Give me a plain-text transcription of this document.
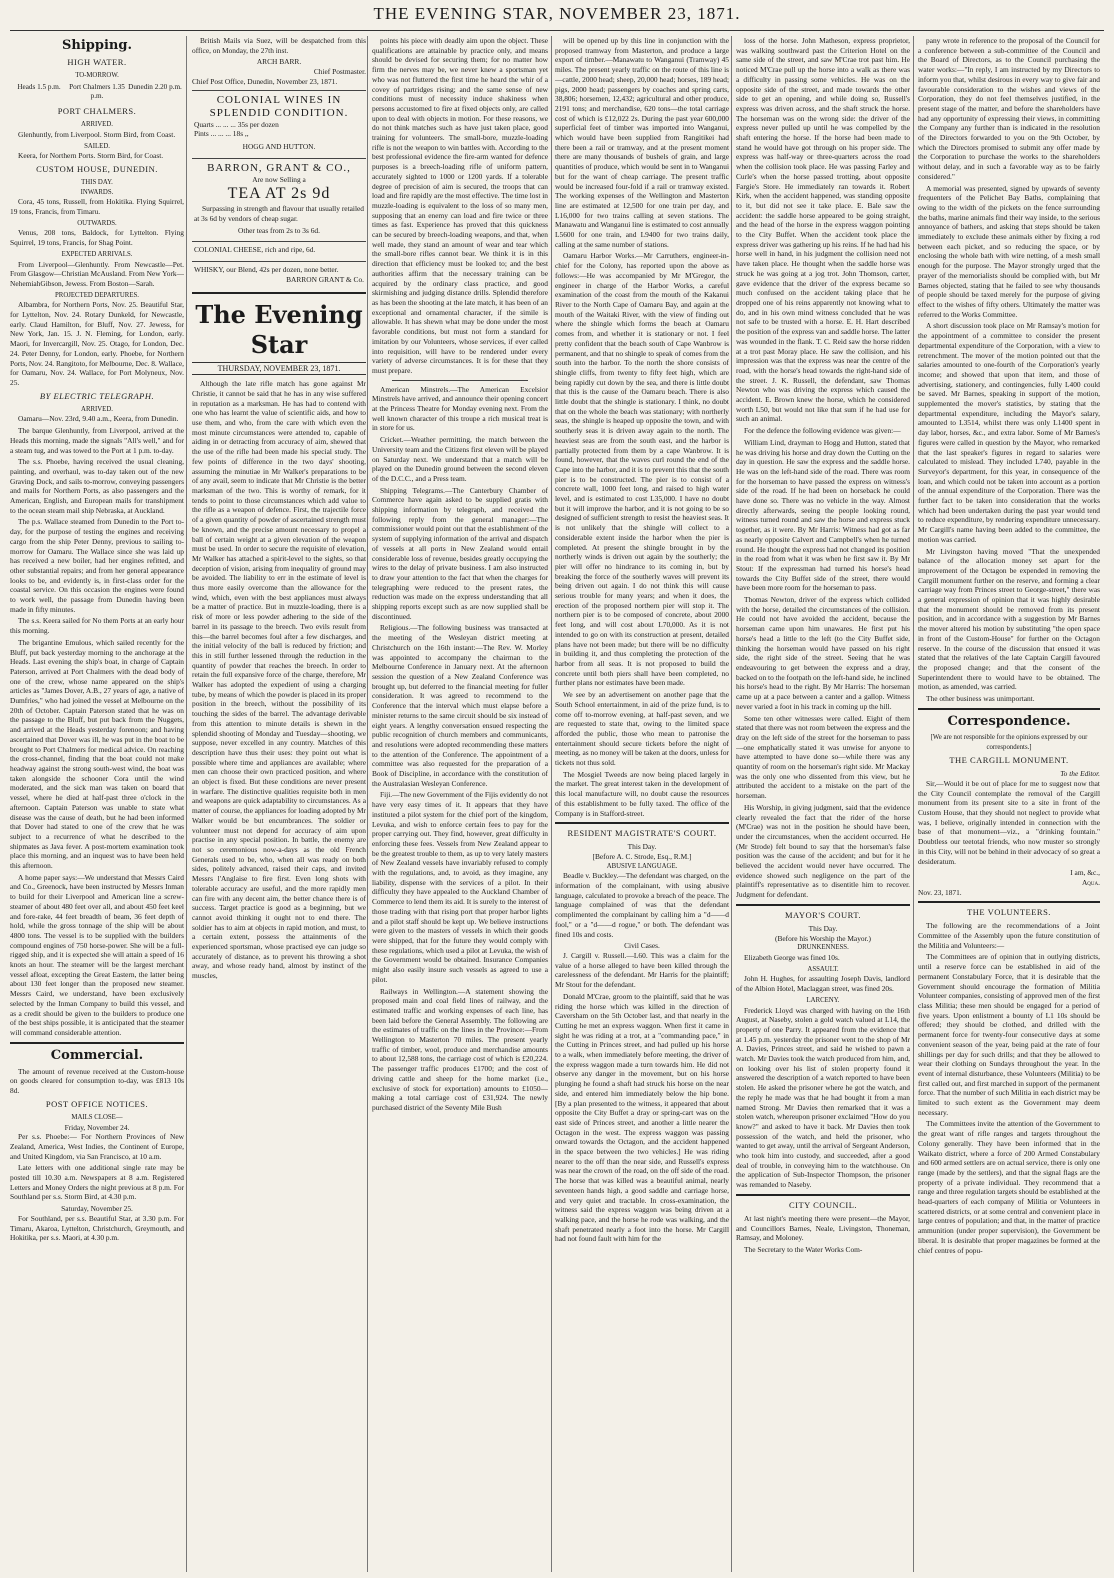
THE EVENING STAR, NOVEMBER 23, 1871.
Shipping.
HIGH WATER.
TO-MORROW.
Heads 1.5 p.m.	Port Chalmers 1.35 p.m.
Dunedin 2.20 p.m.
PORT CHALMERS.
ARRIVED.

Glenhuntly, from Liverpool. Storm Bird, from Coast.

SAILED.

Keera, for Northern Ports. Storm Bird, for Coast.

CUSTOM HOUSE, DUNEDIN.
THIS DAY.
INWARDS.

Cora, 45 tons, Russell, from Hokitika. Flying Squirrel, 19 tons, Francis, from Timaru.

OUTWARDS.

Venus, 208 tons, Baldock, for Lyttelton. Flying Squirrel, 19 tons, Francis, for Shag Point.

EXPECTED ARRIVALS.

From Liverpool—Glenhuntly. From Newcastle—Pet. From Glasgow—Christian McAusland. From New York—NehemiahGibson, Jewess. From Boston—Sarah.

PROJECTED DEPARTURES.

Albambra, for Northern Ports, Nov. 25. Beautiful Star, for Lyttelton, Nov. 24. Rotary Dunkeld, for Newcastle, early. Claud Hamilton, for Bluff, Nov. 27. Jewess, for New York, Jan. 15. J. N. Fleming, for London, early. Maori, for Invercargill, Nov. 25. Otago, for London, Dec. 24. Peter Denny, for London, early. Phoebe, for Northern Ports, Nov. 24. Rangitoto, for Melbourne, Dec. 8. Wallace, for Oamaru, Nov. 24. Wallace, for Port Molyneux, Nov. 25.

BY ELECTRIC TELEGRAPH.
ARRIVED.

Oamaru—Nov. 23rd, 9.40 a.m., Keera, from Dunedin.

The barque Glenhuntly, from Liverpool, arrived at the Heads this morning, made the signals "All's well," and for a steam tug, and was towed to the Port at 1 p.m. to-day.

The s.s. Phoebe, having received the usual cleaning, painting, and overhaul, was to-day taken out of the new Graving Dock, and sails to-morrow, conveying passengers and mails for Northern Ports, as also passengers and the American, English, and European mails for transhipment to the ocean steam mail ship Nebraska, at Auckland.

The p.s. Wallace steamed from Dunedin to the Port to-day, for the purpose of testing the engines and receiving cargo from the ship Peter Denny, previous to sailing to-morrow for Oamaru. The Wallace since she was laid up has received a new boiler, had her engines refitted, and other substantial repairs; and from her general appearance looks to be, and evidently is, in first-class order for the coastal service. On this occasion the engines were found to work well, the passage from Dunedin having been made in fifty minutes.

The s.s. Keera sailed for No them Ports at an early hour this morning.

The brigantine Emulous, which sailed recently for the Bluff, put back yesterday morning to the anchorage at the Heads. Last evening the ship's boat, in charge of Captain Paterson, arrived at Port Chalmers with the dead body of one of the crew, whose name appeared on the ship's articles as "James Dover, A.B., 27 years of age, a native of Dumfries," who had joined the vessel at Melbourne on the 20th of October. Captain Paterson stated that he was on the passage to the Bluff, but put back from the Nuggets, and arrived at the Heads yesterday forenoon; and having ascertained that Dover was ill, he was put in the boat to be brought to Port Chalmers for medical advice. On reaching the cross-channel, finding that the boat could not make headway against the strong south-west wind, the boat was taken alongside the schooner Cora until the wind moderated, and the sick man was taken on board that vessel, where he died at half-past three o'clock in the afternoon. Captain Paterson was unable to state what disease was the cause of death, but he had been informed that Dover had stated to one of the crew that he was subject to a recurrence of what he described to the shipmates as Java fever. A post-mortem examination took place this morning, and an inquest was to have been held this afternoon.

A home paper says:—We understand that Messrs Caird and Co., Greenock, have been instructed by Messrs Inman to build for their Liverpool and American line a screw-steamer of about 480 feet over all, and about 450 feet keel and fore-rake, 44 feet breadth of beam, 36 feet depth of hold, while the gross tonnage of the ship will be about 4800 tons. The vessel is to be supplied with the builders compound engines of 750 horse-power. She will be a full-rigged ship, and it is expected she will attain a speed of 16 knots an hour. The steamer will be the largest merchant vessel afloat, excepting the Great Eastern, the latter being about 130 feet longer than the proposed new steamer. Messrs Caird, we understand, have been exclusively selected by the Inman Company to build this vessel, and as a credit should be given to the builders to produce one of the best ships possible, it is anticipated that the steamer will command considerable attention.

Commercial.

The amount of revenue received at the Custom-house on goods cleared for consumption to-day, was £813 10s 8d.

POST OFFICE NOTICES.
MAILS CLOSE—
Friday, November 24.

Per s.s. Phoebe:— For Northern Provinces of New Zealand, America, West Indies, the Continent of Europe, and United Kingdom, via San Francisco, at 10 a.m.

Late letters with one additional single rate may be posted till 10.30 a.m. Newspapers at 8 a.m. Registered Letters and Money Orders the night previous at 8 p.m. For Southland per s.s. Storm Bird, at 4.30 p.m.

Saturday, November 25.

For Southland, per s.s. Beautiful Star, at 3.30 p.m. For Timaru, Akaroa, Lyttelton, Christchurch, Greymouth, and Hokitika, per s.s. Maori, at 4.30 p.m.

British Mails via Suez, will be despatched from this office, on Monday, the 27th inst.

ARCH BARR.
Chief Postmaster.
Chief Post Office, Dunedin, November 23, 1871.
COLONIAL WINES IN SPLENDID CONDITION.
Quarts ... ... ... 35s per dozen
Pints ... ... ... 18s ,,
HOGG AND HUTTON.
BARRON, GRANT & CO.,
Are now Selling a
TEA AT 2s 9d

Surpassing in strength and flavour that usually retailed at 3s 6d by vendors of cheap sugar.

Other teas from 2s to 3s 6d.
COLONIAL CHEESE, rich and ripe, 6d.
WHISKY, our Blend, 42s per dozen, none better.
BARRON GRANT & Co.
The Evening Star
THURSDAY, NOVEMBER 23, 1871.

Although the late rifle match has gone against Mr Christie, it cannot be said that he has in any wise suffered in reputation as a marksman. He has had to contend with one who has learnt the value of scientific aids, and how to use them, and who, from the care with which even the most minute circumstances were attended to, capable of aiding in or detracting from accuracy of aim, shewed that the use of the rifle had been made his special study. The few points of difference in the two days' shooting, assuming the minutiae in Mr Walker's preparations to be of any avail, seem to indicate that Mr Christie is the better marksman of the two. This is worthy of remark, for it tends to point to those circumstances which add value to the rifle as a weapon of defence. First, the trajectile force of a given quantity of powder of ascertained strength must be known, and the precise amount necessary to propel a ball of certain weight at a given elevation of the weapon must be used. In order to secure the requisite of elevation, Mr Walker has attached a spirit-level to the sights, so that deception of vision, arising from inequality of ground may be avoided. The liability to err in the estimate of level is thus more easily overcome than the allowance for the wind, which, even with the best appliances must always be a matter of practice. But in muzzle-loading, there is a risk of more or less powder adhering to the side of the barrel in its passage to the breech. Two evils result from this—the barrel becomes foul after a few discharges, and the initial velocity of the ball is reduced by friction; and this in still further lessened through the reduction in the quantity of powder that reaches the breech. In order to retain the full expansive force of the charge, therefore, Mr Walker has adopted the expedient of using a charging tube, by means of which the powder is placed in its proper position in the breech, without the possibility of its touching the sides of the barrel. The advantage derivable from this attention to minute details is shewn in the splendid shooting of Monday and Tuesday—shooting, we suppose, never excelled in any country. Matches of this description have thus their uses: they point out what is possible where time and appliances are available; where men can choose their own practiced position, and where an object is fixed. But these conditions are never present in warfare. The distinctive qualities requisite both in men and weapons are quick adaptability to circumstances. As a matter of course, the appliances for loading adopted by Mr Walker would be but encumbrances. The soldier or volunteer must not depend for accuracy of aim upon practise in any special position. In battle, the enemy are not so ceremonious now-a-days as the old French Generals used to be, who, when all was ready on both sides, politely advanced, raised their caps, and invited Messrs l'Anglaise to fire first. Even long shots with tolerable accuracy are useful, and the more rapidly men can fire with any decent aim, the better chance there is of success. Target practice is good as a beginning, but we cannot avoid thinking it ought not to end there. The soldier has to aim at objects in rapid motion, and must, to a certain extent, possess the attainments of the experienced sportsman, whose practised eye can judge so accurately of distance, as to prevent his throwing a shot away, and whose ready hand, almost by instinct of the muscles,

points his piece with deadly aim upon the object. These qualifications are attainable by practice only, and means should be devised for securing them; for no matter how firm the nerves may be, we never knew a sportsman yet who was not fluttered the first time he heard the whir of a covey of partridges rising; and the same sense of new conditions must of necessity induce shakiness when persons accustomed to fire at fixed objects only, are called upon to deal with objects in motion. For these reasons, we do not think matches such as have just taken place, good training for volunteers. The small-bore, muzzle-loading rifle is not the weapon to win battles with. According to the best professional evidence the fire-arm wanted for defence purposes is a breech-loading rifle of uniform pattern, accurately sighted to 1000 or 1200 yards. If a tolerable degree of precision of aim is secured, the troops that can load and fire rapidly are the most effective. The time lost in muzzle-loading is equivalent to the loss of so many men, supposing that an enemy can load and fire twice or three times as fast. Experience has proved that this quickness can be secured by breech-loading weapons, and that, when well made, they stand an amount of wear and tear which the small-bore rifles cannot bear. We think it is in this direction that efficiency must be looked to; and the best authorities affirm that the necessary training can be acquired by the ordinary class practice, and good skirmishing and judging distance drills. Splendid therefore as has been the shooting at the late match, it has been of an exceptional and ornamental character, if the simile is allowable. It has shewn what may be done under the most favorable conditions, but must not form a standard for imitation by our Volunteers, whose services, if ever called into requisition, will have to be rendered under every variety of adverse circumstances. It is for these that they must prepare.

American Minstrels.—The American Excelsior Minstrels have arrived, and announce their opening concert at the Princess Theatre for Monday evening next. From the well known character of this troupe a rich musical treat is in store for us.

Cricket.—Weather permitting, the match between the University team and the Citizens first eleven will be played on Saturday next. We understand that a match will be played on the Dunedin ground between the second eleven of the D.C.C., and a Press team.

Shipping Telegrams.—The Canterbury Chamber of Commerce have again asked to be supplied gratis with shipping information by telegraph, and received the following reply from the general manager:—The commissioner would point out that the establishment of the system of supplying information of the arrival and dispatch of vessels at all ports in New Zealand would entail considerable loss of revenue, besides greatly occupying the wires to the delay of private business. I am also instructed to draw your attention to the fact that when the charges for telegraphing were reduced to the present rates, the reduction was made on the express understanding that all shipping reports except such as are now supplied shall be discontinued.

Religious.—The following business was transacted at the meeting of the Wesleyan district meeting at Christchurch on the 16th instant:—The Rev. W. Morley was appointed to accompany the chairman to the Melbourne Conference in January next. At the afternoon session the question of a New Zealand Conference was brought up, but deferred to the financial meeting for fuller consideration. It was agreed to recommend to the Conference that the interval which must elapse before a minister returns to the same circuit should be six instead of eight years. A lengthy conversation ensued respecting the public recognition of church members and communicants, and resolutions were adopted recommending these matters to the attention of the Conference. The appointment of a committee was also requested for the preparation of a Book of Discipline, in accordance with the constitution of the Australasian Wesleyan Conference.

Fiji.—The new Government of the Fijis evidently do not have very easy times of it. It appears that they have instituted a pilot system for the chief port of the kingdom, Levuka, and wish to enforce certain fees to pay for the proper carrying out. They find, however, great difficulty in enforcing these fees. Vessels from New Zealand appear to be the greatest trouble to them, as up to very lately masters of New Zealand vessels have invariably refused to comply with the regulations, and, to avoid, as they imagine, any liability, dispense with the services of a pilot. In their difficulty they have appealed to the Auckland Chamber of Commerce to lend them its aid. It is surely to the interest of those trading with that rising port that proper harbor lights and a pilot staff should be kept up. We believe instructions were given to the masters of vessels in which their goods were shipped, that for the future they would comply with these regulations, which used a pilot at Levuka, the wish of the Government would be obtained. Insurance Companies might also easily insure such vessels as agreed to use a pilot.

Railways in Wellington.—A statement showing the proposed main and coal field lines of railway, and the estimated traffic and working expenses of each line, has been laid before the General Assembly. The following are the estimates of traffic on the lines in the Province:—From Wellington to Masterton 70 miles. The present yearly traffic of timber, wool, produce and merchandise amounts to about 12,588 tons, the carriage cost of which is £20,224. The passenger traffic produces £1700; and the cost of driving cattle and sheep for the home market (i.e., exclusive of stock for exportation) amounts to £1050—making a total carriage cost of £31,924. The newly purchased district of the Seventy Mile Bush

will be opened up by this line in conjunction with the proposed tramway from Masterton, and produce a large export of timber.—Manawatu to Wanganui (Tramway) 45 miles. The present yearly traffic on the route of this line is—cattle, 2000 head; sheep, 20,000 head; horses, 189 head; pigs, 2000 head; passengers by coaches and spring carts, 38,806; horsemen, 12,432; agricultural and other produce, 2191 tons; and merchandise, 620 tons—the total carriage cost of which is £12,022 2s. During the past year 600,000 superficial feet of timber was imported into Wanganui, which would have been supplied from Rangitikei had there been a rail or tramway, and at the present moment there are many thousands of bushels of grain, and large quantities of produce, which would be sent in to Wanganui but for the want of cheap carriage. The present traffic would be increased four-fold if a rail or tramway existed. The working expenses of the Wellington and Masterton line are estimated at 12,500 for one train per day, and L16,000 for two trains calling at seven stations. The Manawatu and Wanganui line is estimated to cost annually L5600 for one train, and L9400 for two trains daily, calling at the same number of stations.

Oamaru Harbor Works.—Mr Carruthers, engineer-in-chief for the Colony, has reported upon the above as follows:—He was accompanied by Mr M'Gregor, the engineer in charge of the Harbor Works, a careful examination of the coast from the mouth of the Kakanui River to the North Cape of Oamaru Bay, and again at the mouth of the Waitaki River, with the view of finding out where the shingle which forms the beach at Oamaru comes from, and whether it is stationary or not. I feel pretty confident that the beach south of Cape Wanbrow is permanent, and that no shingle to speak of comes from the south into the harbor. To the north the shore consists of shingle cliffs, from twenty to fifty feet high, which are being rapidly cut down by the sea, and there is little doubt that this is the cause of the Oamaru beach. There is also little doubt that the shingle is stationary. I think, no doubt that on the whole the beach was stationary; with northerly seas, the shingle is heaped up opposite the town, and with southerly seas it is driven away again to the north. The heaviest seas are from the south east, and the harbor is partially protected from them by a cape Wanbrow. It is found, however, that the waves curl round the end of the Cape into the harbor, and it is to prevent this that the south pier is to be constructed. The pier is to consist of a concrete wall, 1000 feet long, and raised to high water level, and is estimated to cost L35,000. I have no doubt but it will improve the harbor, and it is not going to be so designed of sufficient strength to resist the heaviest seas. It is not unlikely that the shingle will collect to a considerable extent inside the harbor when the pier is completed. At present the shingle brought in by the northerly winds is driven out again by the southerly; the pier will offer no hindrance to its coming in, but by breaking the force of the southerly waves will prevent its being driven out again. I do not think this will cause serious trouble for many years; and when it does, the erection of the proposed northern pier will stop it. The northern pier is to be composed of concrete, about 2000 feet long, and will cost about L70,000. As it is not intended to go on with its construction at present, detailed plans have not been made; but there will be no difficulty in building it, and thus completing the protection of the harbor from all seas. It is not proposed to build the concrete until both piers shall have been completed, no further plans nor estimates have been made.

We see by an advertisement on another page that the South School entertainment, in aid of the prize fund, is to come off to-morrow evening, at half-past seven, and we are requested to state that, owing to the limited space afforded the public, those who mean to patronise the entertainment should secure tickets before the night of meeting, as no money will be taken at the doors, unless for tickets not thus sold.

The Mosgiel Tweeds are now being placed largely in the market. The great interest taken in the development of this local manufacture will, no doubt cause the resources of this establishment to be fully taxed. The office of the Company is in Stafford-street.

RESIDENT MAGISTRATE'S COURT.
This Day.
[Before A. C. Strode, Esq., R.M.]
ABUSIVE LANGUAGE.

Beadle v. Buckley.—The defendant was charged, on the information of the complainant, with using abusive language, calculated to provoke a breach of the peace. The language complained of was that the defendant complimented the complainant by calling him a "d——d fool," or a "d——d rogue," or both. The defendant was fined 10s and costs.

Civil Cases.

J. Cargill v. Russell.—L60. This was a claim for the value of a horse alleged to have been killed through the carelessness of the defendant. Mr Harris for the plaintiff; Mr Stout for the defendant.

Donald M'Crae, groom to the plaintiff, said that he was riding the horse which was killed in the direction of Caversham on the 5th October last, and that nearly in the Cutting he met an express waggon. When first it came in sight he was riding at a trot, at a "commanding pace," in the Cutting in Princes street, and had pulled up his horse to a walk, when immediately before meeting, the driver of the express waggon made a turn towards him. He did not observe any danger in the movement, but on his horse plunging he found a shaft had struck his horse on the near side, and entered him immediately below the hip bone. [By a plan presented to the witness, it appeared that about opposite the City Buffet a dray or spring-cart was on the east side of Princes street, and another a little nearer the Octagon in the west. The express waggon was passing onward towards the Octagon, and the accident happened in the space between the two vehicles.] He was riding nearer to the off than the near side, and Russell's express was near the crown of the road, on the off side of the road. The horse that was killed was a beautiful animal, nearly seventeen hands high, a good saddle and carriage horse, and very quiet and tractable. In cross-examination, the witness said the express waggon was being driven at a walking pace, and the horse he rode was walking, and the shaft penetrated nearly a foot into the horse. Mr Cargill had not found fault with him for the

loss of the horse. John Matheson, express proprietor, was walking southward past the Criterion Hotel on the same side of the street, and saw M'Crae trot past him. He noticed M'Crae pull up the horse into a walk as there was a difficulty in passing some vehicles. He was on the opposite side of the street, and made towards the other side to get an opening, and while doing so, Russell's express was driven across, and the shaft struck the horse. The horseman was on the wrong side: the driver of the express never pulled up until he was compelled by the shaft entering the horse. If the horse had been made to stand he would have got through on his proper side. The express was half-way or three-quarters across the road when the collision took place. He was passing Farley and Curle's when the horse passed trotting, about opposite Fargie's Store. He immediately ran towards it. Robert Kirk, when the accident happened, was standing opposite to it, but did not see it take place. E. Bale saw the accident: the saddle horse appeared to be going straight, and the head of the horse in the express waggon pointing to the City Buffet. When the accident took place the express driver was gathering up his reins. If he had had his horse well in hand, in his judgment the collision need not have taken place. He thought when the saddle horse was struck he was going at a jog trot. John Thomson, carter, gave evidence that the driver of the express became so much confused on the accident taking place that he dropped one of his reins apparently not knowing what to do, and in his own mind witness concluded that he was not safe to be trusted with a horse. E. H. Hart described the position of the express van and saddle horse. The latter was wounded in the flank. T. C. Reid saw the horse ridden at a trot past Moray place. He saw the collision, and his impression was that the express was near the centre of the road, with the horse's head towards the right-hand side of the street. J. K. Russell, the defendant, saw Thomas Newton who was driving the express which caused the accident. E. Brown knew the horse, which he considered worth L50, but would not like that sum if he had use for such an animal.

For the defence the following evidence was given:—

William Lind, drayman to Hogg and Hutton, stated that he was driving his horse and dray down the Cutting on the day in question. He saw the express and the saddle horse. He was on the left-hand side of the road. There was room for the horseman to have passed the express on witness's side of the road. If he had been on horseback he could have done so. There was no vehicle in the way. Almost directly afterwards, seeing the people looking round, witness turned round and saw the horse and express stuck together, as it were. By Mr Harris: Witness had got as far as nearly opposite Calvert and Campbell's when he turned round. He thought the express had not changed its position in the road from what it was when he first saw it. By Mr Stout: If the expressman had turned his horse's head towards the City Buffet side of the street, there would have been more room for the horseman to pass.

Thomas Newton, driver of the express which collided with the horse, detailed the circumstances of the collision. He could not have avoided the accident, because the horseman came upon him unawares. He first put his horse's head a little to the left (to the City Buffet side, thinking the horseman would have passed on his right side, the right side of the street. Seeing that he was endeavouring to get between the express and a dray, backed on to the footpath on the left-hand side, he inclined his horse's head to the right. By Mr Harris: The horseman came up at a pace between a canter and a gallop. Witness never varied a foot in his track in coming up the hill.

Some ten other witnesses were called. Eight of them stated that there was not room between the express and the dray on the left side of the street for the horseman to pass—one emphatically stated it was unwise for anyone to have attempted to have done so—while there was any quantity of room on the horseman's right side. Mr Mackay was the only one who dissented from this view, but he attributed the accident to a mistake on the part of the horseman.

His Worship, in giving judgment, said that the evidence clearly revealed the fact that the rider of the horse (M'Crae) was not in the position he should have been, under the circumstances, when the accident occurred. He (Mr Strode) felt bound to say that the horseman's false position was the cause of the accident; and but for it he believed the accident would never have occurred. The evidence showed such negligence on the part of the plaintiff's representative as to disentitle him to recover. Judgment for defendant.

MAYOR'S COURT.
This Day.
(Before his Worship the Mayor.)
DRUNKENNESS.

Elizabeth George was fined 10s.

ASSAULT.

John H. Hughes, for assaulting Joseph Davis, landlord of the Albion Hotel, Maclaggan street, was fined 20s.

LARCENY.

Frederick Lloyd was charged with having on the 16th August, at Naseby, stolen a gold watch valued at L14, the property of one Parry. It appeared from the evidence that at 1.45 p.m. yesterday the prisoner went to the shop of Mr A. Davies, Princes street, and said he wished to pawn a watch. Mr Davies took the watch produced from him, and, on looking over his list of stolen property found it answered the description of a watch reported to have been stolen. He asked the prisoner where he got the watch, and the reply he made was that he had bought it from a man named Strong. Mr Davies then remarked that it was a stolen watch, whereupon prisoner exclaimed "How do you know?" and asked to have it back. Mr Davies then took possession of the watch, and held the prisoner, who wanted to get away, until the arrival of Sergeant Anderson, who took him into custody, and succeeded, after a good deal of trouble, in conveying him to the watchhouse. On the application of Sub-Inspector Thompson, the prisoner was remanded to Naseby.

CITY COUNCIL.

At last night's meeting there were present—the Mayor, and Councillors Barnes, Neale, Livingston, Thoneman, Ramsay, and Moloney.

The Secretary to the Water Works Com-

pany wrote in reference to the proposal of the Council for a conference between a sub-committee of the Council and the Board of Directors, as to the Council purchasing the water works:—"In reply, I am instructed by my Directors to inform you that, whilst desirous in every way to give fair and favourable consideration to the wishes and views of the Corporation, they do not feel themselves justified, in the present stage of the matter, and before the shareholders have had any opportunity of expressing their views, in committing the Company any further than is indicated in the resolution of the Directors forwarded to you on the 9th October, by which the Directors promised to submit any offer made by the Corporation to purchase the works to the shareholders without delay, and in such a favorable way as to be fairly considered."

A memorial was presented, signed by upwards of seventy frequenters of the Pelichet Bay Baths, complaining that owing to the width of the pickets on the fence surrounding the baths, marine animals find their way inside, to the serious annoyance of bathers, and asking that steps should be taken immediately to exclude these animals either by fixing a rod between each picket, and so reducing the space, or by enclosing the whole bath with wire netting, of a mesh small enough for the purpose. The Mayor strongly urged that the prayer of the memorialists should be complied with, but Mr Barnes objected, stating that he failed to see why thousands of people should be taxed merely for the purpose of giving effect to the wishes of fifty others. Ultimately the matter was referred to the Works Committee.

A short discussion took place on Mr Ramsay's motion for the appointment of a committee to consider the present departmental expenditure of the Corporation, with a view to retrenchment. The mover of the motion pointed out that the salaries amounted to one-fourth of the Corporation's yearly income; and showed that upon that item, and those of advertising, stationery, and contingencies, fully L400 could be saved. Mr Barnes, speaking in support of the motion, supplemented the mover's statistics, by stating that the departmental expenditure, including the Mayor's salary, amounted to L3514, whilst there was only L1400 spent in day labor, horses, &c., and extra labor. Some of Mr Barnes's figures were called in question by the Mayor, who remarked that the last speaker's figures in regard to salaries were calculated to mislead. They included L740, payable in the Surveyor's department, for this year, in consequence of the loan, and which could not be taken into account as a portion of the annual expenditure of the Corporation. There was the further fact to be taken into consideration that the works which had been undertaken during the past year would tend to reduce expenditure, by rendering expenditure unnecessary. Mr Cargill's name having been added to the committee, the motion was carried.

Mr Livingston having moved "That the unexpended balance of the allocation money set apart for the improvement of the Octagon be expended in removing the Cargill monument further on the reserve, and forming a clear carriage way from Princes street to George-street," there was a general expression of opinion that it was highly desirable that the monument should be removed from its present position, and in accordance with a suggestion by Mr Barnes the mover altered his motion by substituting "the open space in front of the Custom-House" for further on the Octagon reserve. In the course of the discussion that ensued it was stated that the relatives of the late Captain Cargill favoured the proposed change; and that the consent of the Superintendent there to would have to be obtained. The motion, as amended, was carried.

The other business was unimportant.

Correspondence.
[We are not responsible for the opinions expressed by our correspondents.]
THE CARGILL MONUMENT.
To the Editor.

Sir,—Would it be out of place for me to suggest now that the City Council contemplate the removal of the Cargill monument from its present site to a site in front of the Custom House, that they should not neglect to provide what was, I believe, originally intended in connection with the base of that monument—viz., a "drinking fountain." Doubtless our teetotal friends, who now muster so strongly in this City, will not be behind in their advocacy of so great a desideratum.

I am, &c.,
Aqua.
Nov. 23, 1871.
THE VOLUNTEERS.

The following are the recommendations of a Joint Committee of the Assembly upon the future constitution of the Militia and Volunteers:—

The Committees are of opinion that in outlying districts, until a reserve force can be established in aid of the permanent Constabulary Force, that it is desirable that the Government should encourage the formation of Militia Volunteer companies, consisting of approved men of the first class Militia; these men should be engaged for a period of five years. Upon enlistment a bounty of L1 10s should be offered; they should be clothed, and drilled with the permanent force for twenty-four consecutive days at some convenient season of the year, being paid at the rate of four shillings per day for such drills; and that they be allowed to wear their clothing on Sundays throughout the year. In the event of internal disturbance, these Volunteers (Militia) to be first called out, and first marched in support of the permanent force. That the number of such Militia in each district may be limited to such extent as the Government may deem necessary.

The Committees invite the attention of the Government to the great want of rifle ranges and targets throughout the Colony generally. They have been informed that in the Waikato district, where a force of 200 Armed Constabulary and 600 armed settlers are on actual service, there is only one range (made by the settlers), and that the signal flags are the property of a private individual. They recommend that a range and three regulation targets should be established at the head-quarters of each company of Militia or Volunteers in scattered districts, or at some central and convenient place in large centres of population; and that, in the matter of practice ammunition (under proper supervision), the Government be liberal. It is desirable that proper magazines be formed at the chief centres of popu-
